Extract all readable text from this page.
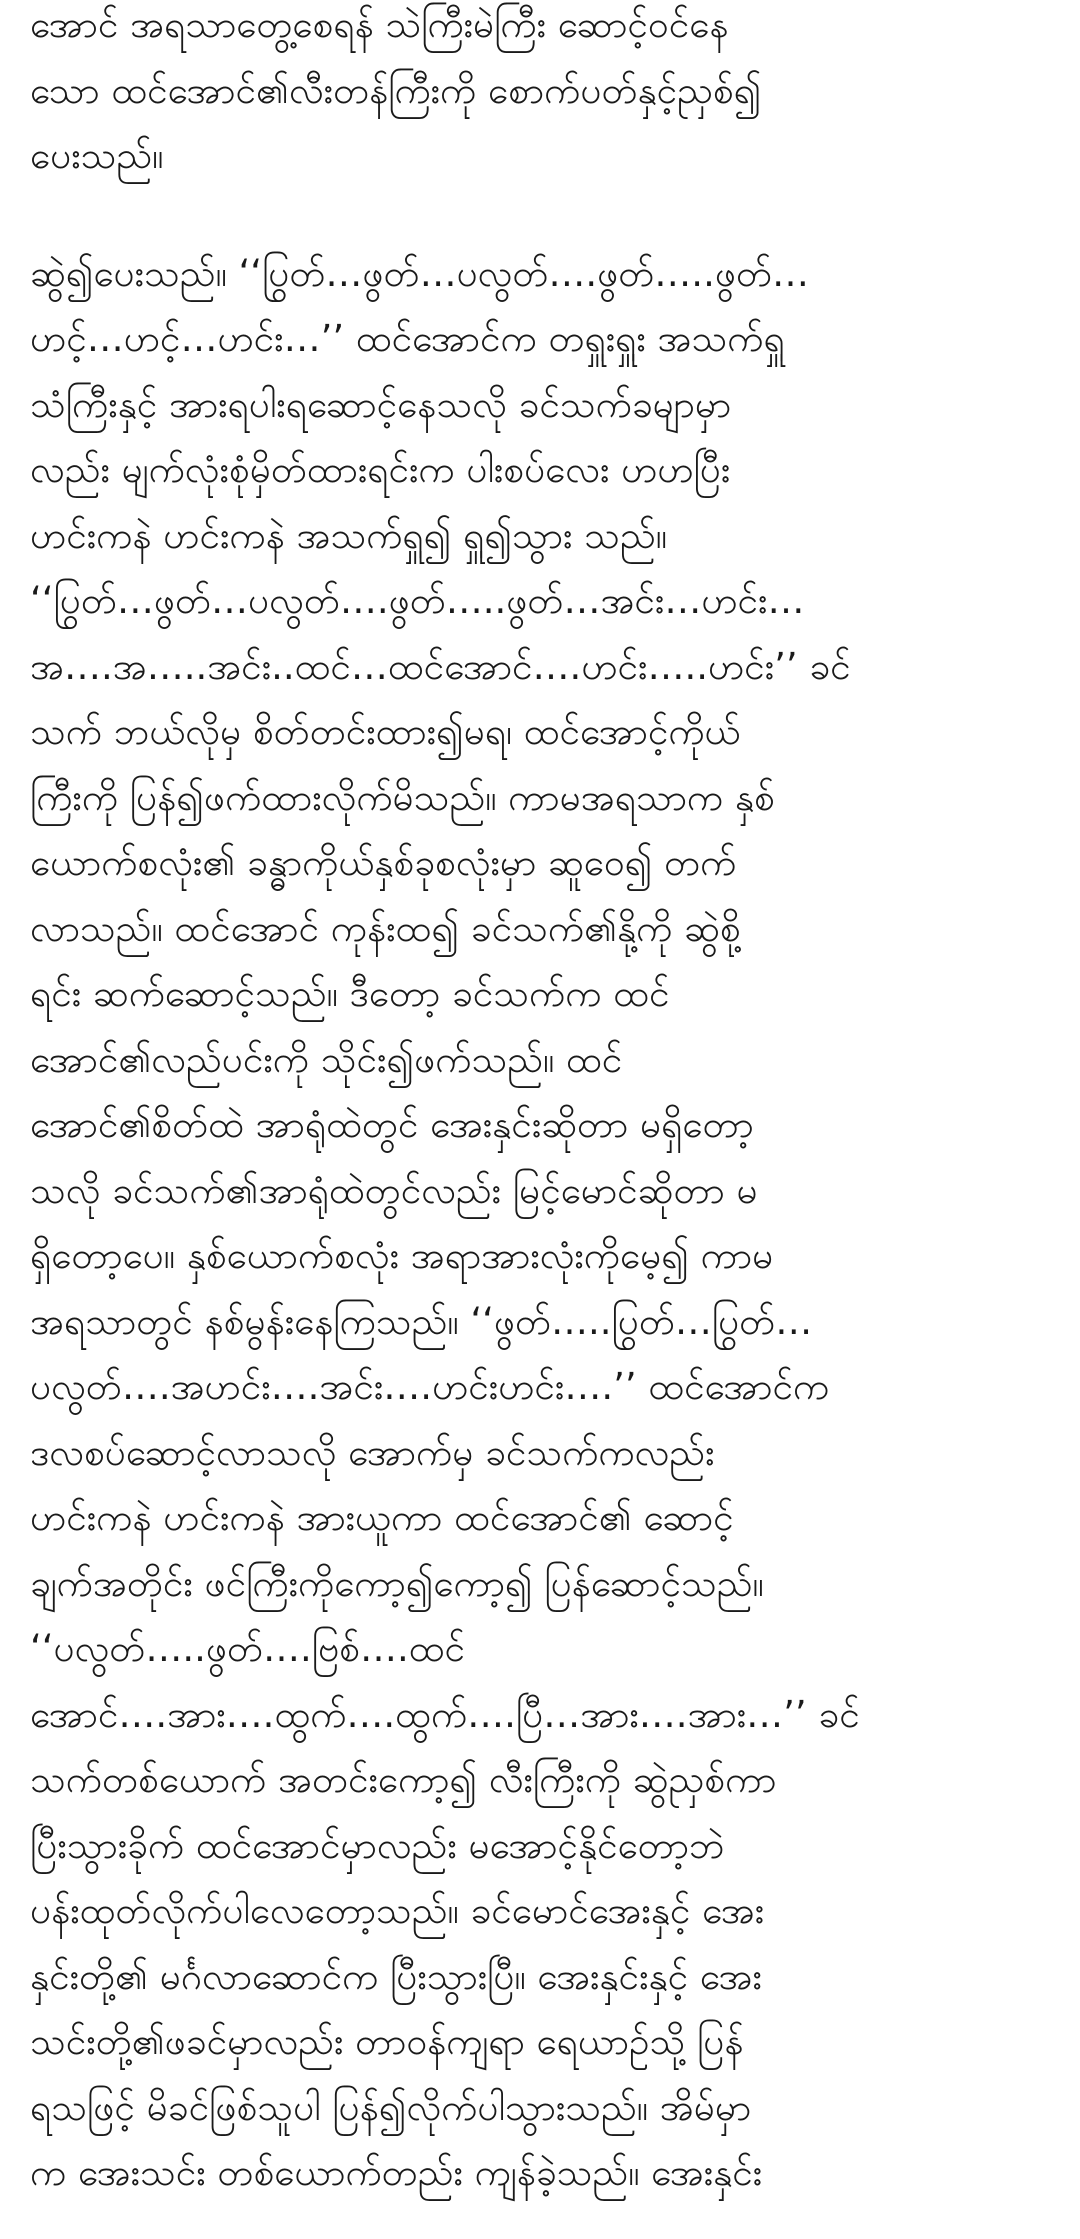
အောင် အရသာတွေ့စေရန် သဲကြီးမဲကြီး ဆောင့်ဝင်နေ
သော ထင်အောင်၏လီးတန်ကြီးကို စောက်ပတ်နှင့်ညှစ်၍
ပေးသည်။

ဆွဲ၍ပေးသည်။ ‘‘ပြွတ်…ဖွတ်…ပလွတ်….ဖွတ်…..ဖွတ်…
ဟင့်…ဟင့်…ဟင်း…’’ ထင်အောင်က တရှူးရှူး အသက်ရှူ
သံကြီးနှင့် အားရပါးရဆောင့်နေသလို ခင်သက်ခမျာမှာ
လည်း မျက်လုံးစုံမှိတ်ထားရင်းက ပါးစပ်လေး ဟဟပြီး
ဟင်းကနဲ ဟင်းကနဲ အသက်ရှူ၍ ရှူ၍သွား သည်။
‘‘ပြွတ်…ဖွတ်…ပလွတ်….ဖွတ်…..ဖွတ်…အင်း…ဟင်း…
အ….အ…..အင်း..ထင်…ထင်အောင်….ဟင်း…..ဟင်း’’ ခင်
သက် ဘယ်လိုမှ စိတ်တင်းထား၍မရ၊ ထင်အောင့်ကိုယ်
ကြီးကို ပြန်၍ဖက်ထားလိုက်မိသည်။ ကာမအရသာက နှစ်
ယောက်စလုံး၏ ခန္ဓာကိုယ်နှစ်ခုစလုံးမှာ ဆူဝေ၍ တက်
လာသည်။ ထင်အောင် ကုန်းထ၍ ခင်သက်၏နို့ကို ဆွဲစို့
ရင်း ဆက်ဆောင့်သည်။ ဒီတော့ ခင်သက်က ထင်
အောင်၏လည်ပင်းကို သိုင်း၍ဖက်သည်။ ထင်
အောင်၏စိတ်ထဲ အာရုံထဲတွင် အေးနှင်းဆိုတာ မရှိတော့
သလို ခင်သက်၏အာရုံထဲတွင်လည်း မြင့်မောင်ဆိုတာ မ
ရှိတော့ပေ။ နှစ်ယောက်စလုံး အရာအားလုံးကိုမေ့၍ ကာမ
အရသာတွင် နစ်မွန်းနေကြသည်။ ‘‘ဖွတ်…..ပြွတ်…ပြွတ်…
ပလွတ်….အဟင်း….အင်း….ဟင်းဟင်း….’’ ထင်အောင်က
ဒလစပ်ဆောင့်လာသလို အောက်မှ ခင်သက်ကလည်း
ဟင်းကနဲ ဟင်းကနဲ အားယူကာ ထင်အောင်၏ ဆောင့်
ချက်အတိုင်း ဖင်ကြီးကိုကော့၍ကော့၍ ပြန်ဆောင့်သည်။
‘‘ပလွတ်…..ဖွတ်….ဗြစ်….ထင်
အောင်….အား….ထွက်….ထွက်….ပြီ…အား….အား…’’ ခင်
သက်တစ်ယောက် အတင်းကော့၍ လီးကြီးကို ဆွဲညှစ်ကာ
ပြီးသွားခိုက် ထင်အောင်မှာလည်း မအောင့်နိုင်တော့ဘဲ
ပန်းထုတ်လိုက်ပါလေတော့သည်။ ခင်မောင်အေးနှင့် အေး
နှင်းတို့၏ မင်္ဂလာဆောင်က ပြီးသွားပြီ။ အေးနှင်းနှင့် အေး
သင်းတို့၏ဖခင်မှာလည်း တာဝန်ကျရာ ရေယာဉ်သို့ ပြန်
ရသဖြင့် မိခင်ဖြစ်သူပါ ပြန်၍လိုက်ပါသွားသည်။ အိမ်မှာ
က အေးသင်း တစ်ယောက်တည်း ကျန်ခဲ့သည်။ အေးနှင်း
